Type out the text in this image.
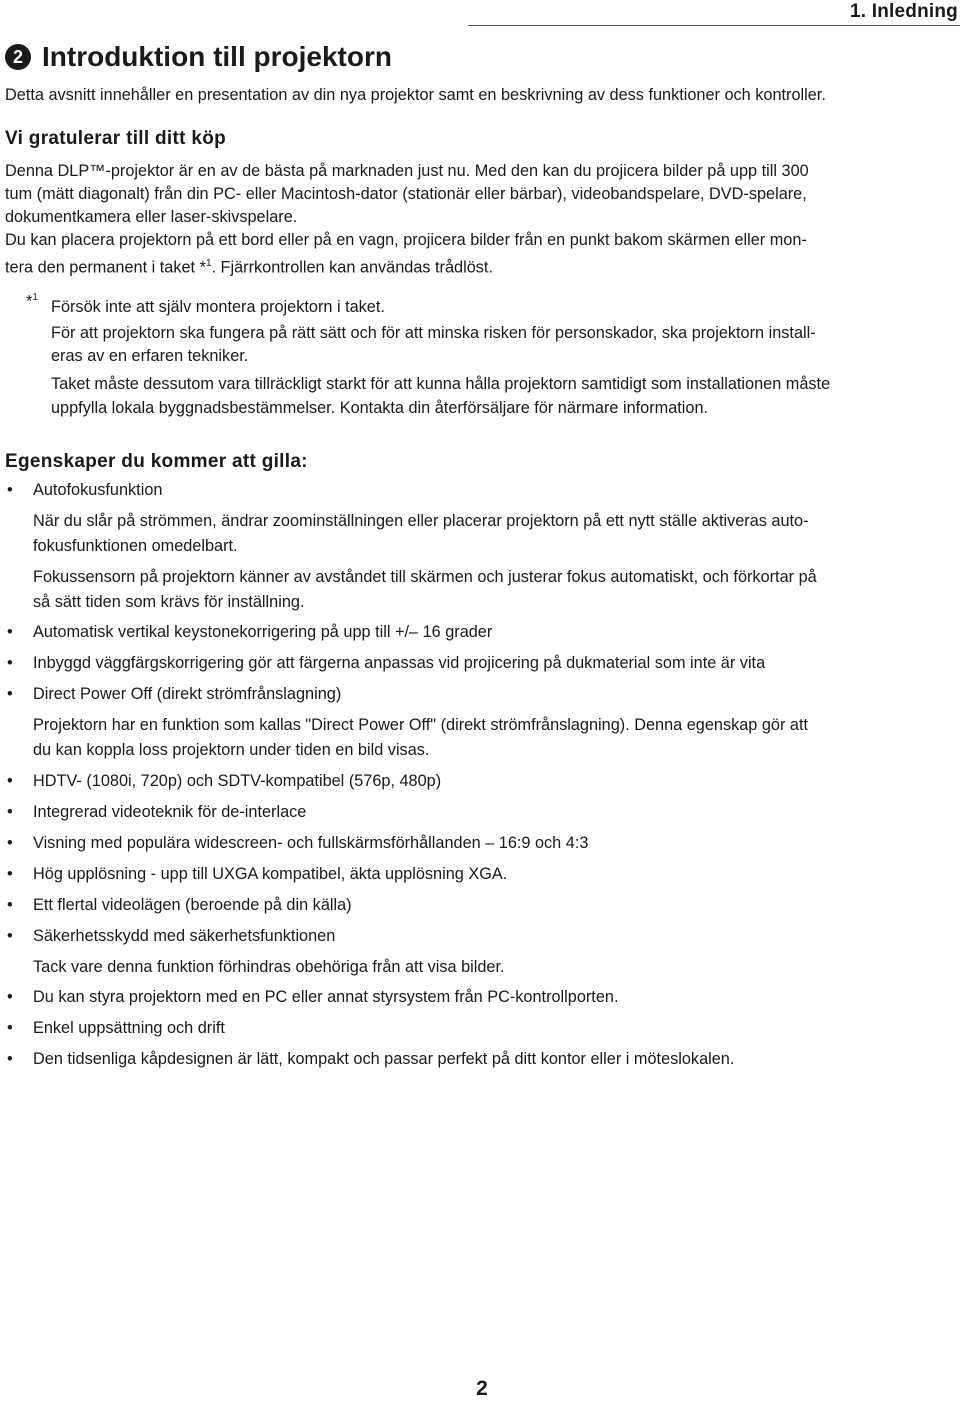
1. Inledning
2 Introduktion till projektorn

Detta avsnitt innehåller en presentation av din nya projektor samt en beskrivning av dess funktioner och kontroller.

Vi gratulerar till ditt köp

Denna DLP™-projektor är en av de bästa på marknaden just nu. Med den kan du projicera bilder på upp till 300

tum (mätt diagonalt) från din PC- eller Macintosh-dator (stationär eller bärbar), videobandspelare, DVD-spelare,

dokumentkamera eller laser-skivspelare.

Du kan placera projektorn på ett bord eller på en vagn, projicera bilder från en punkt bakom skärmen eller mon-

tera den permanent i taket *$^1$. Fjärrkontrollen kan användas trådlöst.

*$^1$

Försök inte att själv montera projektorn i taket.

För att projektorn ska fungera på rätt sätt och för att minska risken för personskador, ska projektorn install-

eras av en erfaren tekniker.

Taket måste dessutom vara tillräckligt starkt för att kunna hålla projektorn samtidigt som installationen måste

uppfylla lokala byggnadsbestämmelser. Kontakta din återförsäljare för närmare information.

Egenskaper du kommer att gilla:
• Autofokusfunktion

När du slår på strömmen, ändrar zoominställningen eller placerar projektorn på ett nytt ställe aktiveras auto-

fokusfunktionen omedelbart.

Fokussensorn på projektorn känner av avståndet till skärmen och justerar fokus automatiskt, och förkortar på

så sätt tiden som krävs för inställning.

• Automatisk vertikal keystonekorrigering på upp till +/– 16 grader

• Inbyggd väggfärgskorrigering gör att färgerna anpassas vid projicering på dukmaterial som inte är vita

• Direct Power Off (direkt strömfrånslagning)

Projektorn har en funktion som kallas "Direct Power Off" (direkt strömfrånslagning). Denna egenskap gör att

du kan koppla loss projektorn under tiden en bild visas.

• HDTV- (1080i, 720p) och SDTV-kompatibel (576p, 480p)

• Integrerad videoteknik för de-interlace

• Visning med populära widescreen- och fullskärmsförhållanden – 16:9 och 4:3

• Hög upplösning - upp till UXGA kompatibel, äkta upplösning XGA.

• Ett flertal videolägen (beroende på din källa)

• Säkerhetsskydd med säkerhetsfunktionen

Tack vare denna funktion förhindras obehöriga från att visa bilder.

• Du kan styra projektorn med en PC eller annat styrsystem från PC-kontrollporten.

• Enkel uppsättning och drift

• Den tidsenliga kåpdesignen är lätt, kompakt och passar perfekt på ditt kontor eller i möteslokalen.

2
